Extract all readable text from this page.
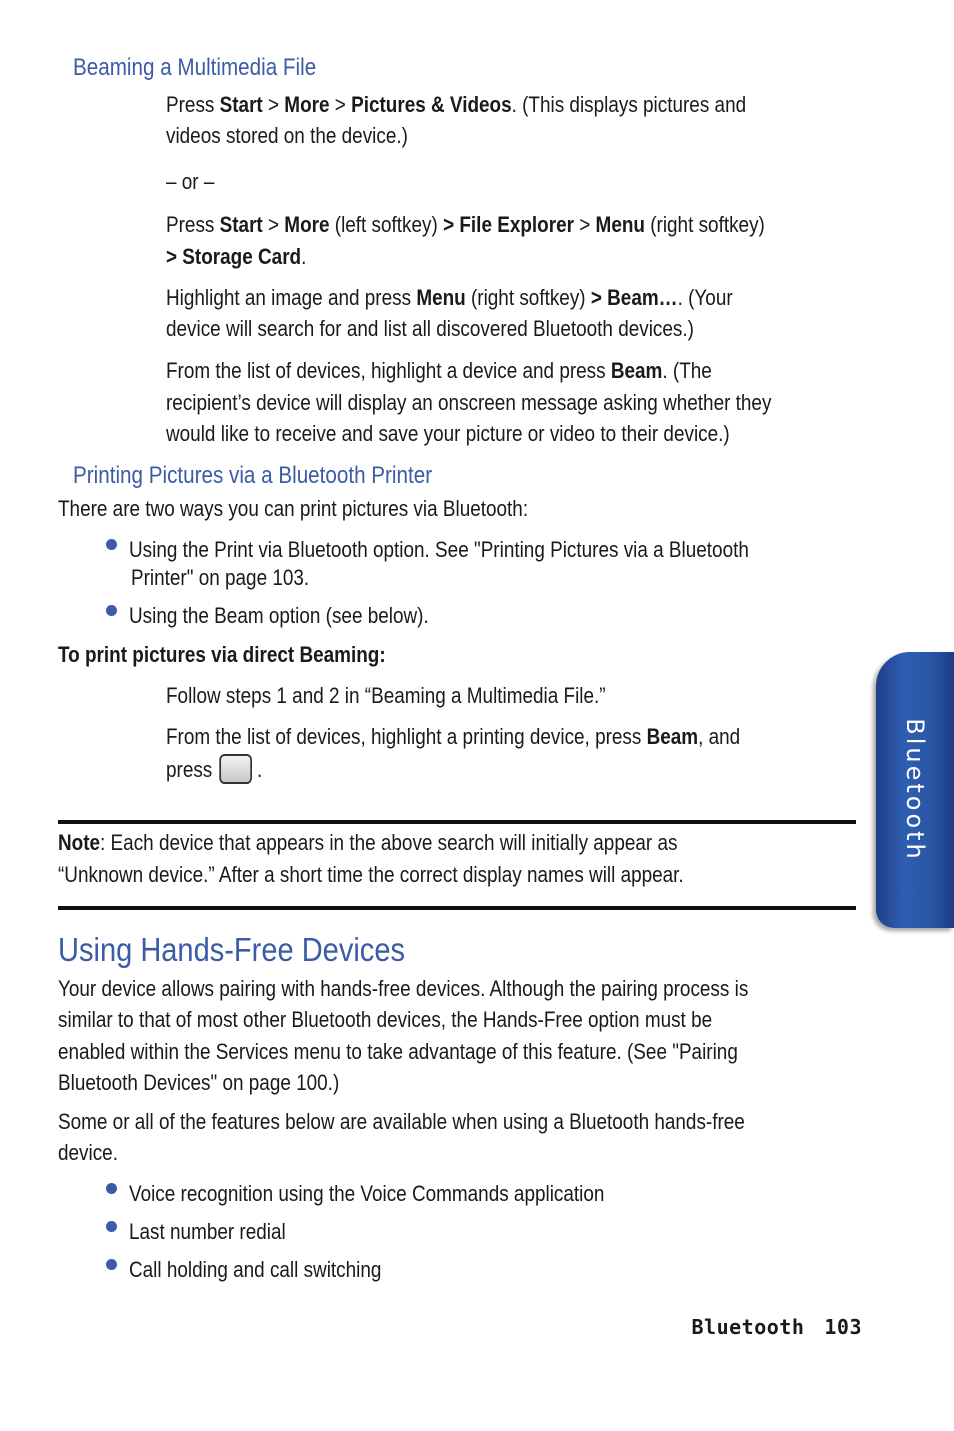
Beaming a Multimedia File
Press Start > More > Pictures & Videos. (This displays pictures and
videos stored on the device.)
– or –
Press Start > More (left softkey) > File Explorer > Menu (right softkey)
> Storage Card.
Highlight an image and press Menu (right softkey) > Beam…. (Your
device will search for and list all discovered Bluetooth devices.)
From the list of devices, highlight a device and press Beam. (The
recipient’s device will display an onscreen message asking whether they
would like to receive and save your picture or video to their device.)
Printing Pictures via a Bluetooth Printer
There are two ways you can print pictures via Bluetooth:
Using the Print via Bluetooth option. See "Printing Pictures via a Bluetooth
Printer" on page 103.
Using the Beam option (see below).
To print pictures via direct Beaming:
Follow steps 1 and 2 in “Beaming a Multimedia File.”
From the list of devices, highlight a printing device, press Beam, and
press .
Note: Each device that appears in the above search will initially appear as
“Unknown device.” After a short time the correct display names will appear.
Using Hands-Free Devices
Your device allows pairing with hands-free devices. Although the pairing process is
similar to that of most other Bluetooth devices, the Hands-Free option must be
enabled within the Services menu to take advantage of this feature. (See "Pairing
Bluetooth Devices" on page 100.)
Some or all of the features below are available when using a Bluetooth hands-free
device.
Voice recognition using the Voice Commands application
Last number redial
Call holding and call switching
Bluetooth
Bluetooth 103
